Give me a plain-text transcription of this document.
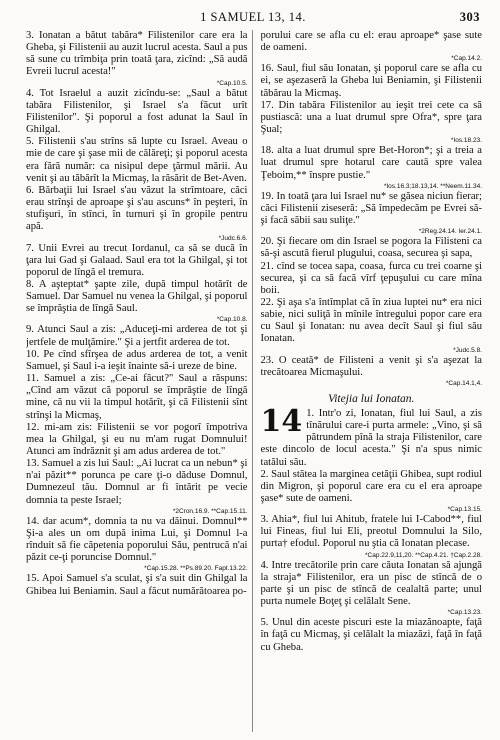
1 SAMUEL 13, 14.	303

3. Ionatan a bătut tabăra* Filistenilor care era la Gheba, şi Filistenii au auzit lucrul acesta. Saul a pus să sune cu trîmbiţa prin toată ţara, zicînd: „Să audă Evreii lucrul acesta!"

*Cap.10.5.

4. Tot Israelul a auzit zicîndu-se: „Saul a bătut tabăra Filistenilor, şi Israel s'a făcut urît Filistenilor". Şi poporul a fost adunat la Saul în Ghilgal.

5. Filistenii s'au strîns să lupte cu Israel. Aveau o mie de care şi şase mii de călăreţi; şi poporul acesta era fără număr: ca nisipul depe ţărmul mării. Au venit şi au tăbărît la Micmaş, la răsărit de Bet-Aven.

6. Bărbaţii lui Israel s'au văzut la strîmtoare, căci erau strînşi de aproape şi s'au ascuns* în peşteri, în stufişuri, în stînci, în turnuri şi în gropile pentru apă.

*Judc.6.6.

7. Unii Evrei au trecut Iordanul, ca să se ducă în ţara lui Gad şi Galaad. Saul era tot la Ghilgal, şi tot poporul de lîngă el tremura.

8. A aşteptat* şapte zile, după timpul hotărît de Samuel. Dar Samuel nu venea la Ghilgal, şi poporul se împrăştia de lîngă Saul.

*Cap.10.8.

9. Atunci Saul a zis: „Aduceţi-mi arderea de tot şi jertfele de mulţămire." Şi a jertfit arderea de tot.

10. Pe cînd sfîrşea de adus arderea de tot, a venit Samuel, şi Saul i-a ieşit înainte să-i ureze de bine.

11. Samuel a zis: „Ce-ai făcut?" Saul a răspuns: „Cînd am văzut că poporul se împrăştie de lîngă mine, că nu vii la timpul hotărît, şi că Filistenii sînt strînşi la Micmaş,

12. mi-am zis: Filistenii se vor pogorî împotriva mea la Ghilgal, şi eu nu m'am rugat Domnului! Atunci am îndrăznit şi am adus arderea de tot."

13. Samuel a zis lui Saul: „Ai lucrat ca un nebun* şi n'ai păzit** porunca pe care ţi-o dăduse Domnul, Dumnezeul tău. Domnul ar fi întărit pe vecie domnia ta peste Israel;

*2Cron.16.9. **Cap.15.11.

14. dar acum*, domnia ta nu va dăinui. Domnul** Şi-a ales un om după inima Lui, şi Domnul l-a rînduit să fie căpetenia poporului Său, pentrucă n'ai păzit ce-ţi poruncise Domnul."

*Cap.15.28. **Ps.89.20. Fapt.13.22.

15. Apoi Samuel s'a sculat, şi s'a suit din Ghilgal la Ghibea lui Beniamin. Saul a făcut numărătoarea po-

porului care se afla cu el: erau aproape* şase sute de oameni.

*Cap.14.2.

16. Saul, fiul său Ionatan, şi poporul care se afla cu ei, se aşezaseră la Gheba lui Beniamin, şi Filistenii tăbărau la Micmaş.

17. Din tabăra Filistenilor au ieşit trei cete ca să pustiască: una a luat drumul spre Ofra*, spre ţara Şual;

*Ios.18.23.

18. alta a luat drumul spre Bet-Horon*; şi a treia a luat drumul spre hotarul care cautā spre valea Ţeboim,** înspre pustie."

*Ios.16.3;18.13,14. **Neem.11.34.

19. In toată ţara lui Israel nu* se găsea niciun fierar; căci Filistenii ziseseră: „Să împedecăm pe Evrei să-şi facă săbii sau suliţe."

*2Reg.24.14. Ier.24.1.

20. Şi fiecare om din Israel se pogora la Filisteni ca să-şi ascută fierul plugului, coasa, securea şi sapa,

21. cînd se tocea sapa, coasa, furca cu trei coarne şi securea, şi ca să facă vîrf ţepuşului cu care mîna boii.

22. Şi aşa s'a întîmplat că în ziua luptei nu* era nici sabie, nici suliţă în mînile întregului popor care era cu Saul şi Ionatan: nu avea decît Saul şi fiul său Ionatan.

*Judc.5.8.

23. O ceată* de Filisteni a venit şi s'a aşezat la trecătoarea Micmaşului.

*Cap.14.1,4.

Vitejia lui Ionatan.
14 1. Intr'o zi, Ionatan, fiul lui Saul, a zis tînărului care-i purta armele: „Vino, şi să pătrundem pînă la straja Filistenilor, care este dincolo de locul acesta." Şi n'a spus nimic tatălui său.

2. Saul stătea la marginea cetăţii Ghibea, supt rodiul din Migron, şi poporul care era cu el era aproape şase* sute de oameni.

*Cap.13.15.

3. Ahia*, fiul lui Ahitub, fratele lui I-Cabod**, fiul lui Fineas, fiul lui Eli, preotul Domnului la Silo, purta† efodul. Poporul nu ştia că Ionatan plecase.

*Cap.22.9,11,20. **Cap.4.21. †Cap.2.28.

4. Intre trecătorile prin care căuta Ionatan să ajungă la straja* Filistenilor, era un pisc de stîncă de o parte şi un pisc de stîncă de cealaltă parte; unul purta numele Boţeţ şi celălalt Sene.

*Cap.13.23.

5. Unul din aceste piscuri este la miazănoapte, faţă în faţă cu Micmaş, şi celălalt la miazăzi, faţă în faţă cu Gheba.
